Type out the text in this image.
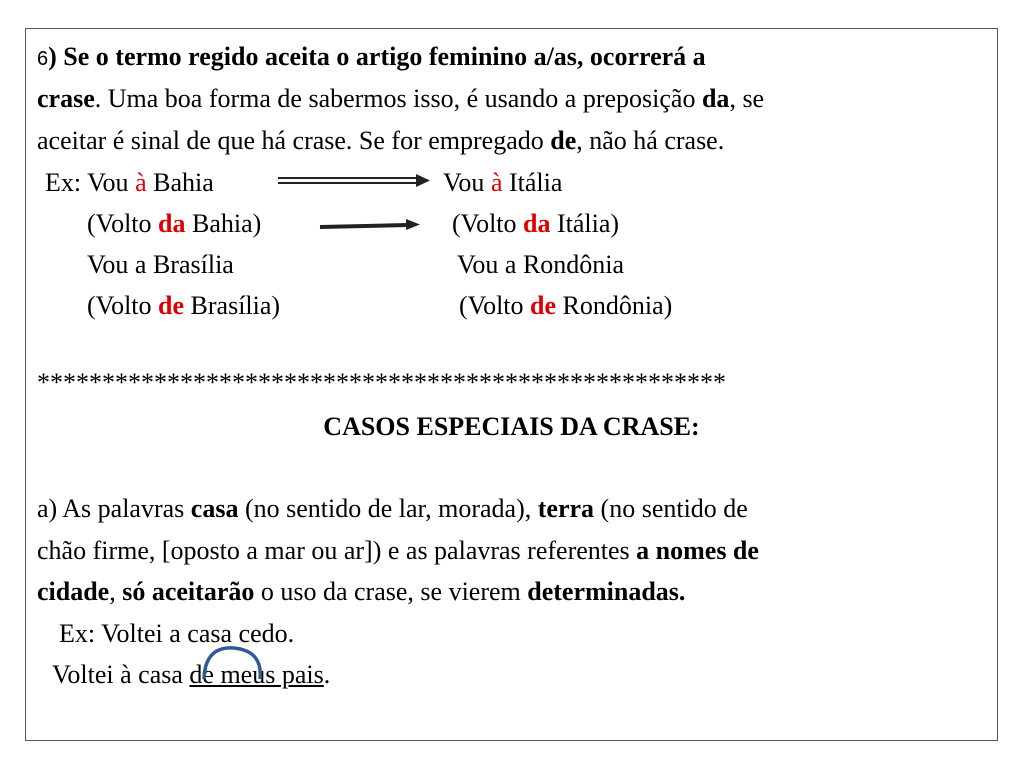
6) Se o termo regido aceita o artigo feminino a/as, ocorrerá a
crase. Uma boa forma de sabermos isso, é usando a preposição da, se
aceitar é sinal de que há crase. Se for empregado de, não há crase.
Ex: Vou à Bahia	Vou à Itália
(Volto da Bahia)	(Volto da Itália)
Vou a Brasília	Vou a Rondônia
(Volto de Brasília)	(Volto de Rondônia)
*****************************************************
CASOS ESPECIAIS DA CRASE:
a) As palavras casa (no sentido de lar, morada), terra (no sentido de
chão firme, [oposto a mar ou ar]) e as palavras referentes a nomes de
cidade, só aceitarão o uso da crase, se vierem determinadas.
Ex: Voltei a casa cedo.
Voltei à casa de meus pais.
